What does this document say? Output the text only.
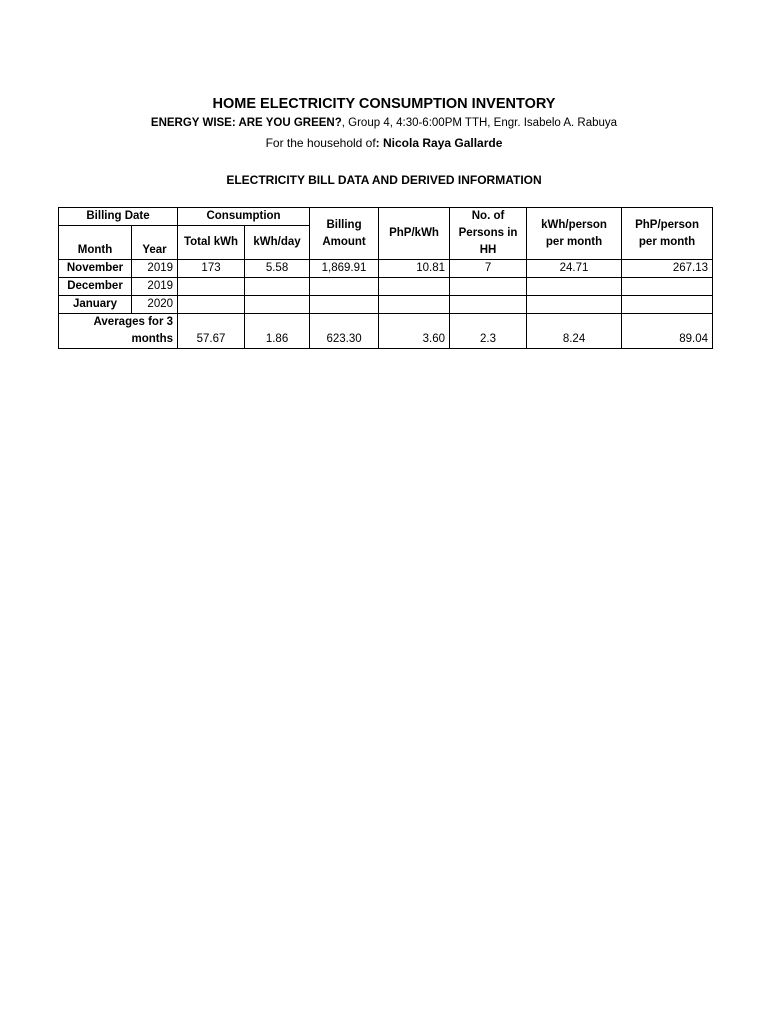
HOME ELECTRICITY CONSUMPTION INVENTORY
ENERGY WISE: ARE YOU GREEN?, Group 4, 4:30-6:00PM TTH, Engr. Isabelo A. Rabuya
For the household of: Nicola Raya Gallarde
ELECTRICITY BILL DATA AND DERIVED INFORMATION
Billing Date		Consumption		Billing Amount	PhP/kWh	No. of Persons in HH	kWh/person per month	PhP/person per month
Month	Year	Total kWh	kWh/day					

November	2019	173	5.58	1,869.91	10.81	7	24.71	267.13
December	2019							
January	2020							

Averages for 3
months		57.67	1.86	623.30	3.60	2.3	8.24	89.04
